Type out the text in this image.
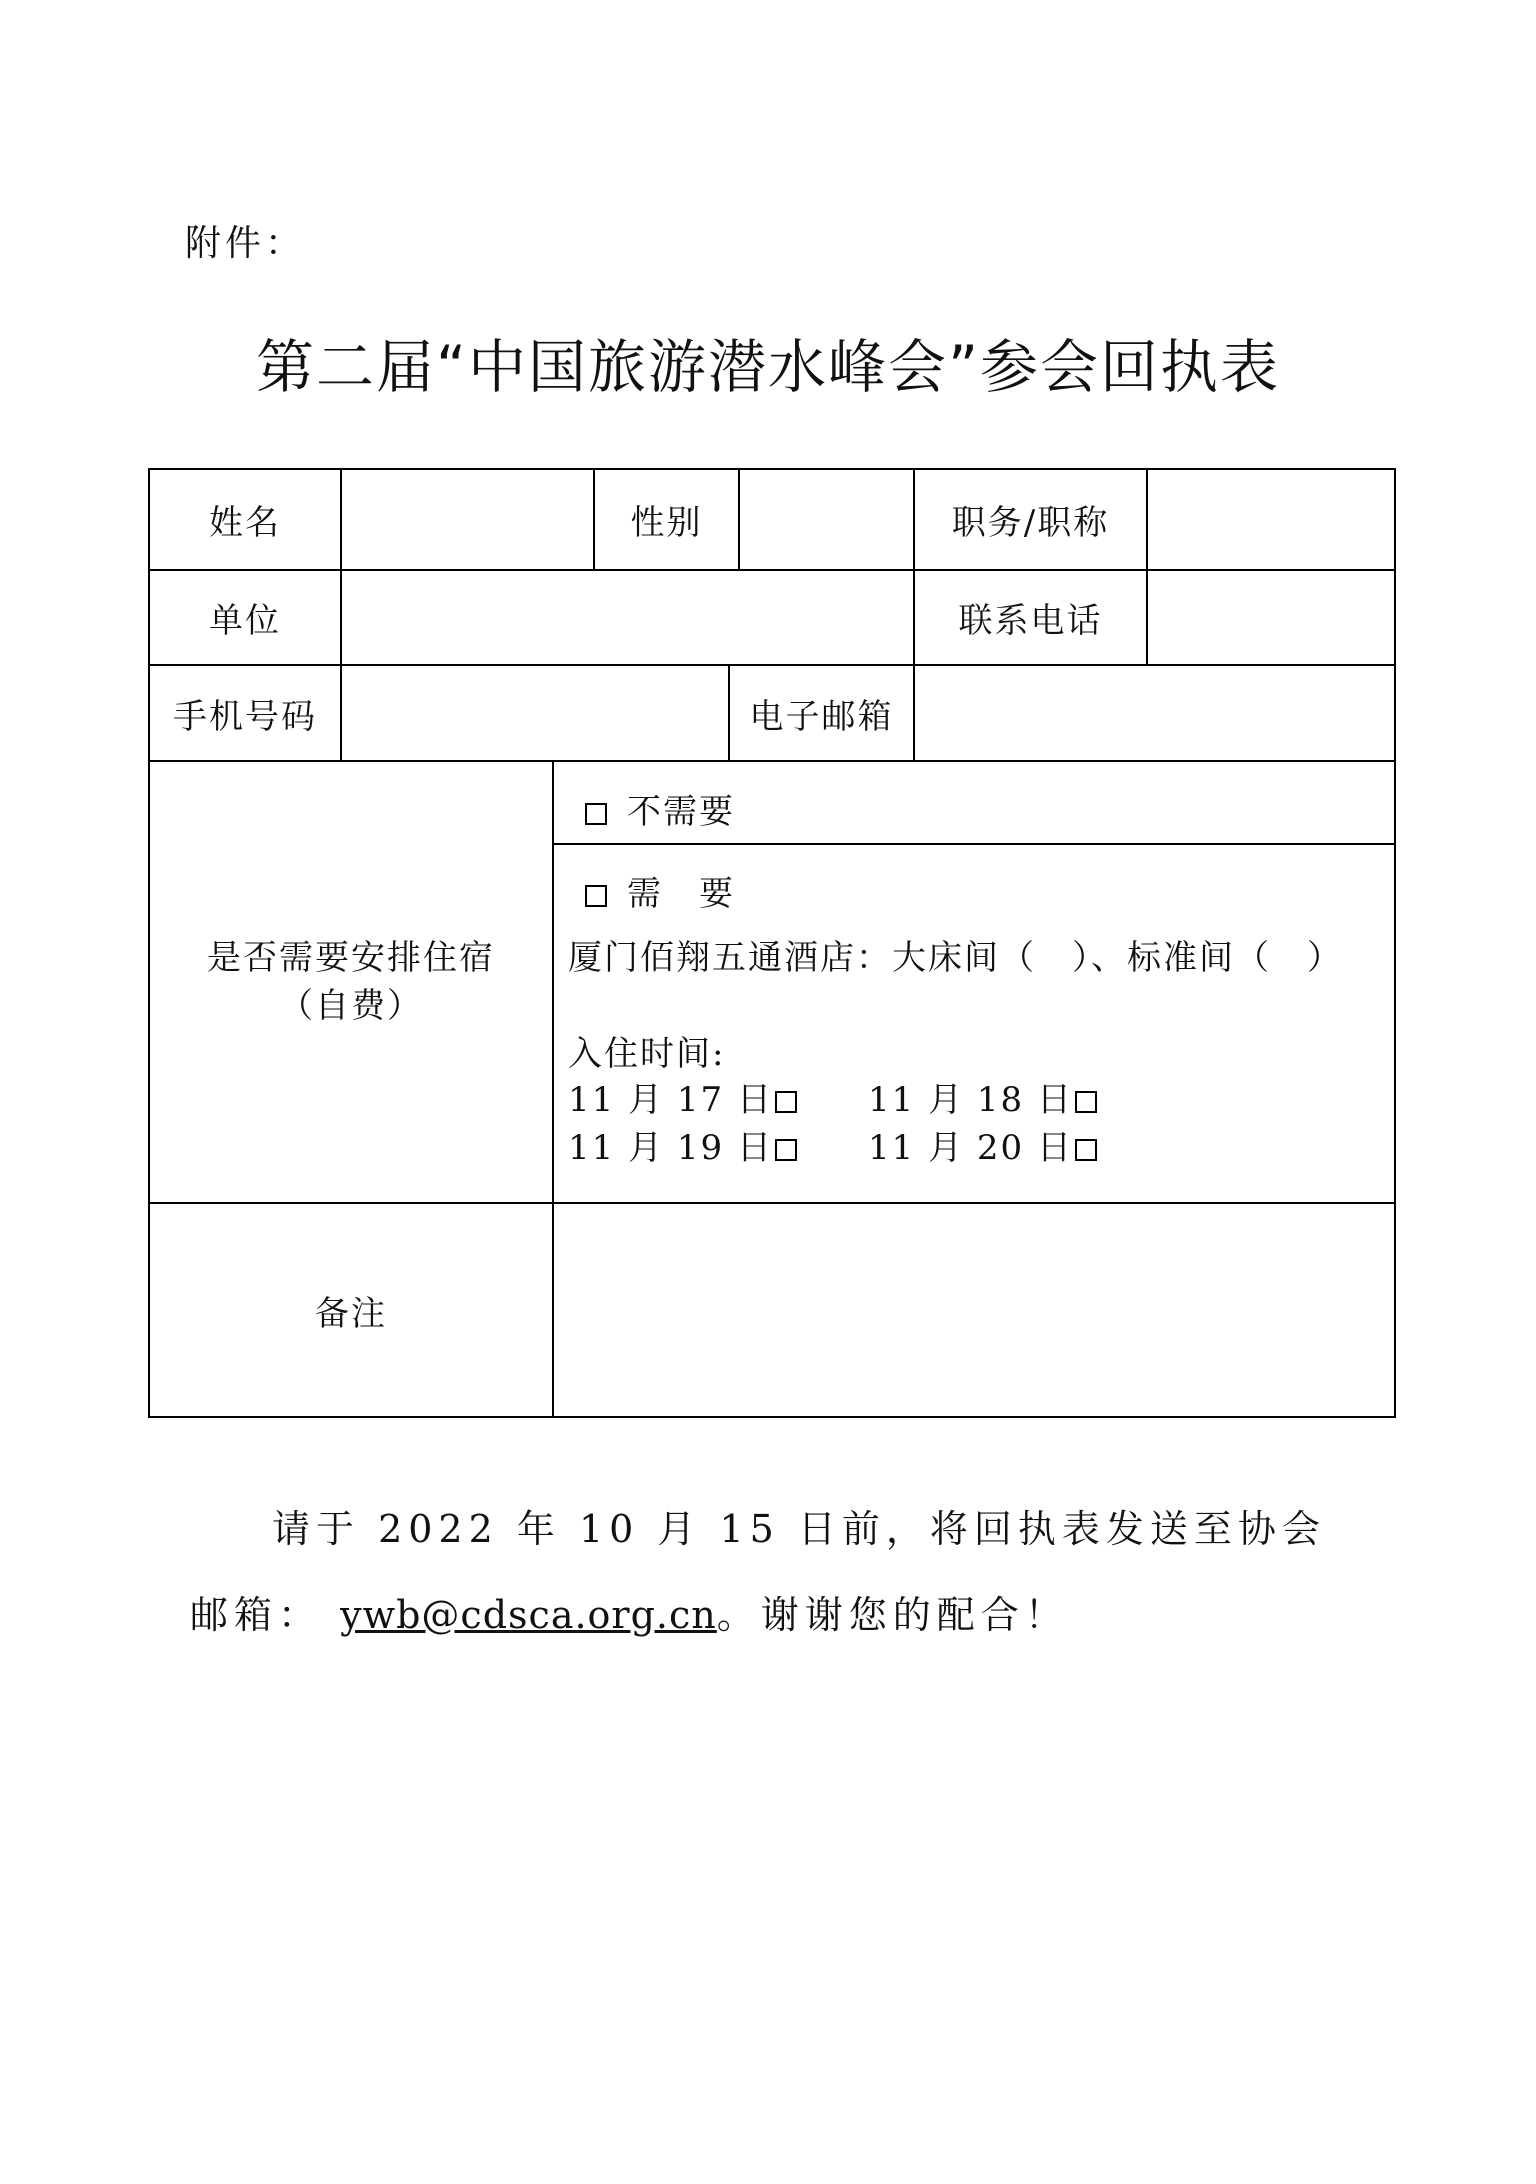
附件：
第二届“中国旅游潜水峰会”参会回执表
姓名	性别	职务/职称
单位	联系电话
手机号码	电子邮箱
是否需要安排住宿
（自费）
不需要
需　要
厦门佰翔五通酒店：大床间（　）、标准间（　）
入住时间:
11 月 17 日	11 月 18 日
11 月 19 日	11 月 20 日
备注
请于 2022 年 10 月 15 日前，将回执表发送至协会
邮箱： ywb@cdsca.org.cn。谢谢您的配合！
